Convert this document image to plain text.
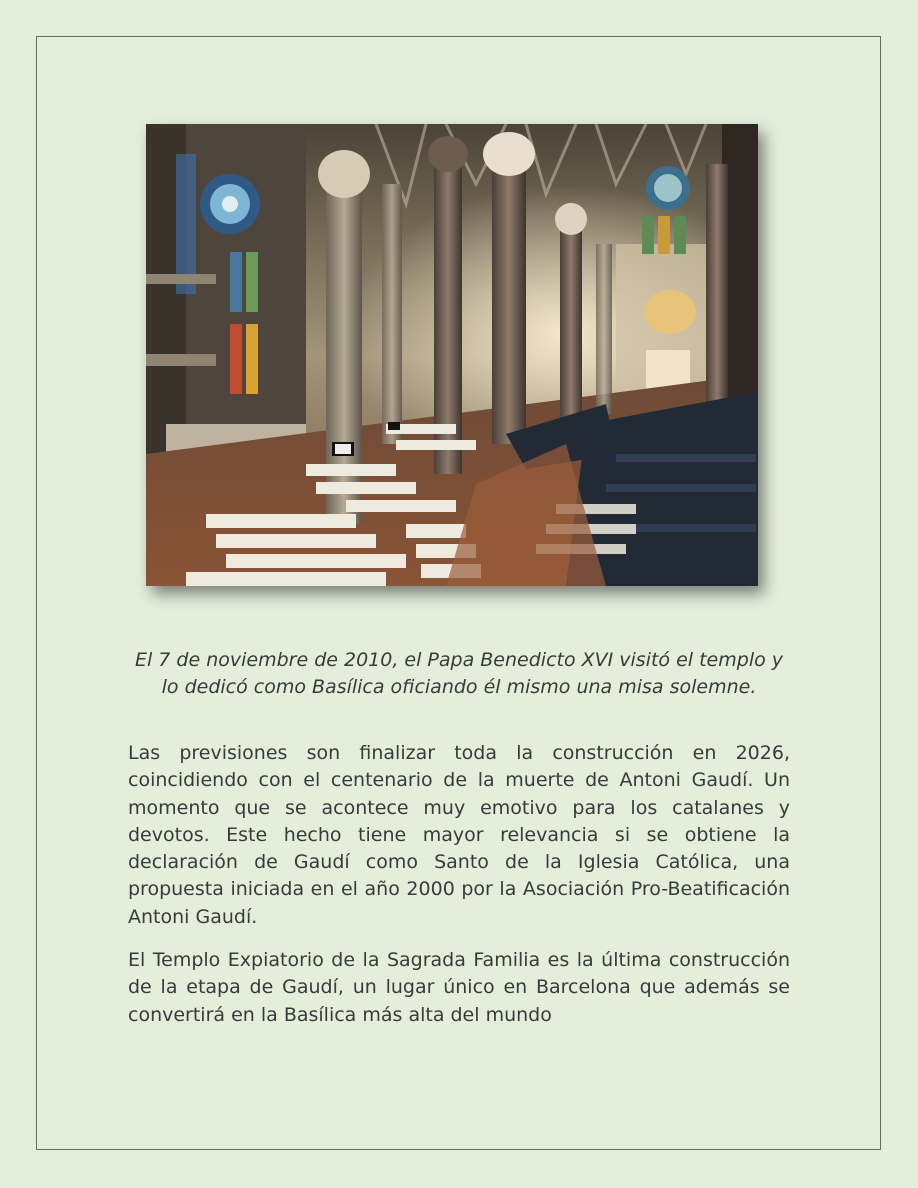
El 7 de noviembre de 2010, el Papa Benedicto XVI visitó el templo y lo dedicó como Basílica oficiando él mismo una misa solemne.

Las previsiones son finalizar toda la construcción en 2026, coincidiendo con el centenario de la muerte de Antoni Gaudí. Un momento que se acontece muy emotivo para los catalanes y devotos. Este hecho tiene mayor relevancia si se obtiene la declaración de Gaudí como Santo de la Iglesia Católica, una propuesta iniciada en el año 2000 por la Asociación Pro-Beatificación Antoni Gaudí.

El Templo Expiatorio de la Sagrada Familia es la última construcción de la etapa de Gaudí, un lugar único en Barcelona que además se convertirá en la Basílica más alta del mundo
